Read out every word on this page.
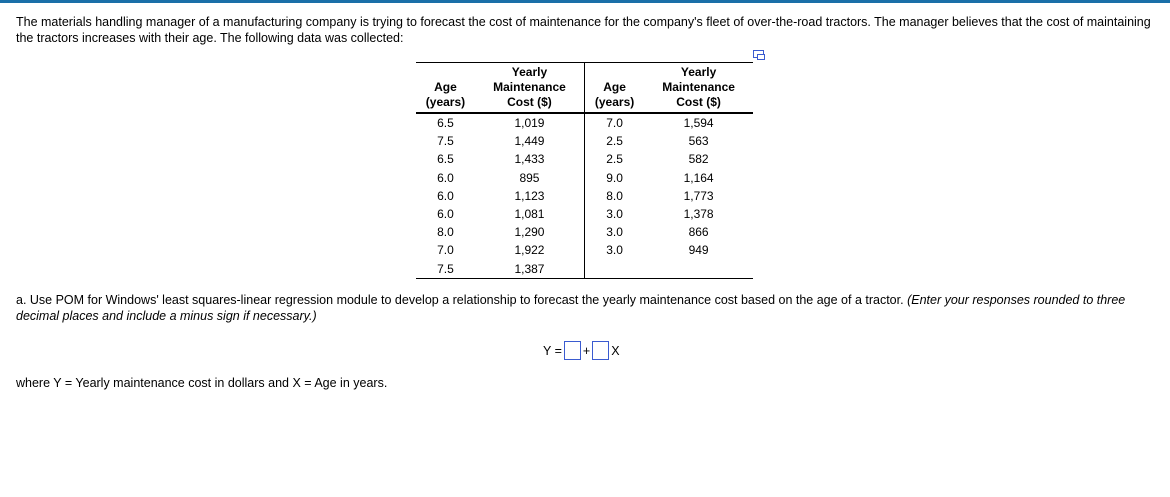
The materials handling manager of a manufacturing company is trying to forecast the cost of maintenance for the company's fleet of over-the-road tractors. The manager believes that the cost of maintaining the tractors increases with their age. The following data was collected:
Age
(years)	Yearly
Maintenance
Cost ($)	Age
(years)	Yearly
Maintenance
Cost ($)
6.5	1,019	7.0	1,594
7.5	1,449	2.5	563
6.5	1,433	2.5	582
6.0	895	9.0	1,164
6.0	1,123	8.0	1,773
6.0	1,081	3.0	1,378
8.0	1,290	3.0	866
7.0	1,922	3.0	949
7.5	1,387		
a. Use POM for Windows' least squares-linear regression module to develop a relationship to forecast the yearly maintenance cost based on the age of a tractor. (Enter your responses rounded to three decimal places and include a minus sign if necessary.)
Y = + X
where Y = Yearly maintenance cost in dollars and X = Age in years.
